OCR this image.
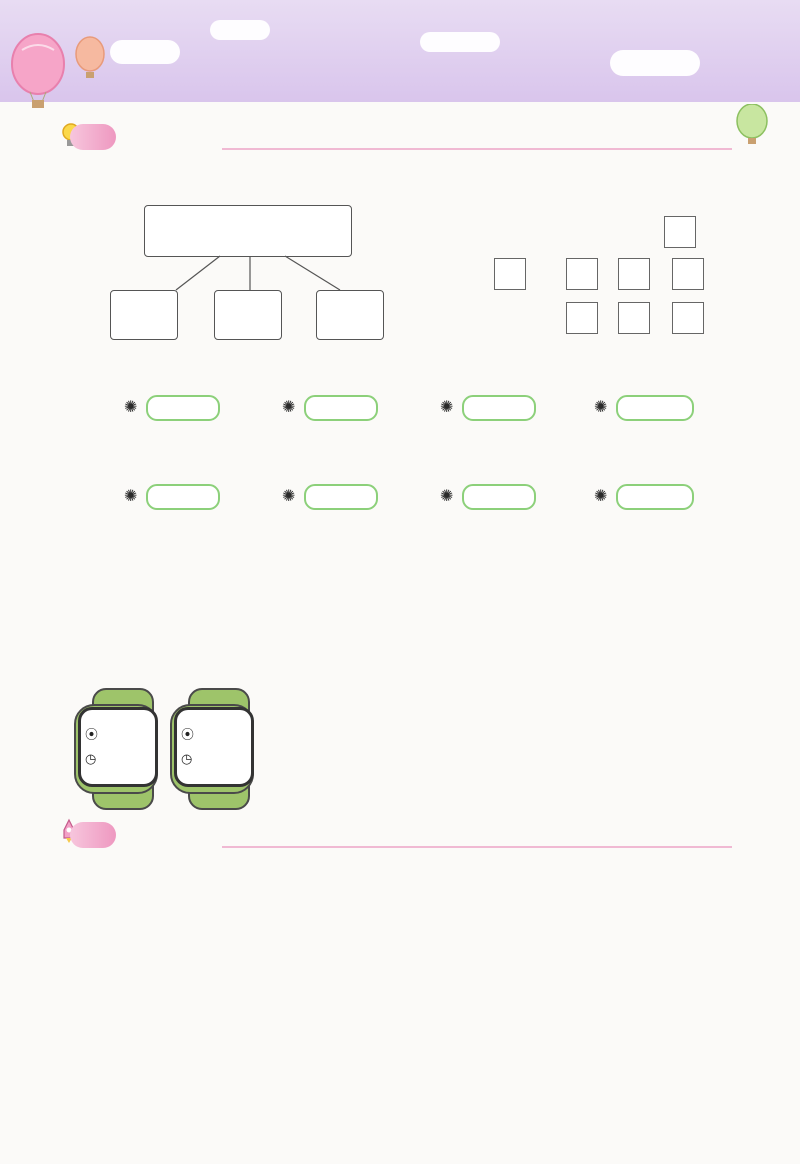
✺	✺	✺	✺
✺	✺	✺	✺
⦿
◷
⦿
◷
